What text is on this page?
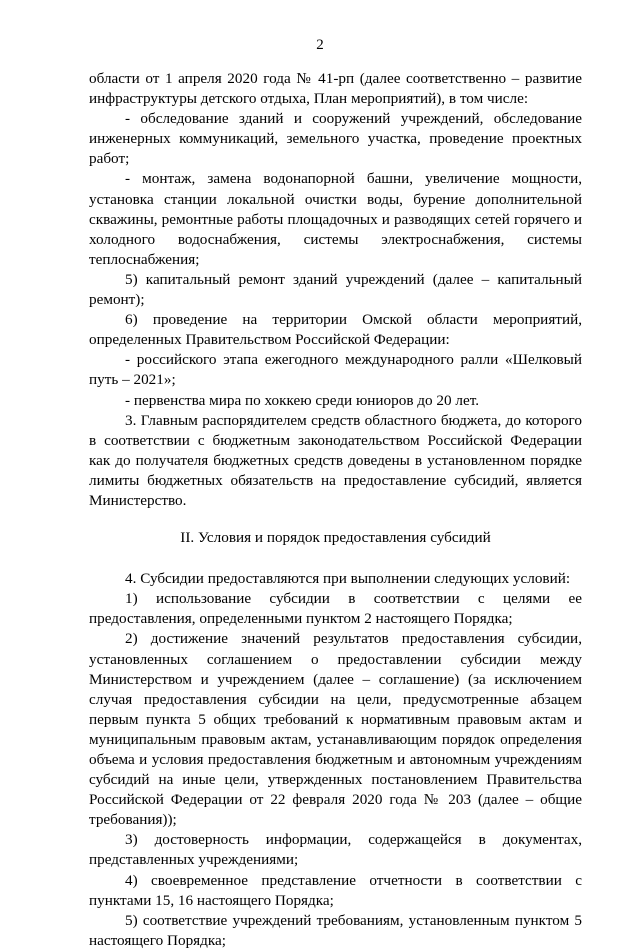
2

области от 1 апреля 2020 года № 41-рп (далее соответственно – развитие инфраструктуры детского отдыха, План мероприятий), в том числе:

- обследование зданий и сооружений учреждений, обследование инженерных коммуникаций, земельного участка, проведение проектных работ;

- монтаж, замена водонапорной башни, увеличение мощности, установка станции локальной очистки воды, бурение дополнительной скважины, ремонтные работы площадочных и разводящих сетей горячего и холодного водоснабжения, системы электроснабжения, системы теплоснабжения;

5) капитальный ремонт зданий учреждений (далее – капитальный ремонт);

6) проведение на территории Омской области мероприятий, определенных Правительством Российской Федерации:

- российского этапа ежегодного международного ралли «Шелковый путь – 2021»;

- первенства мира по хоккею среди юниоров до 20 лет.

3. Главным распорядителем средств областного бюджета, до которого в соответствии с бюджетным законодательством Российской Федерации как до получателя бюджетных средств доведены в установленном порядке лимиты бюджетных обязательств на предоставление субсидий, является Министерство.

II. Условия и порядок предоставления субсидий

4. Субсидии предоставляются при выполнении следующих условий:

1) использование субсидии в соответствии с целями ее предоставления, определенными пунктом 2 настоящего Порядка;

2) достижение значений результатов предоставления субсидии, установленных соглашением о предоставлении субсидии между Министерством и учреждением (далее – соглашение) (за исключением случая предоставления субсидии на цели, предусмотренные абзацем первым пункта 5 общих требований к нормативным правовым актам и муниципальным правовым актам, устанавливающим порядок определения объема и условия предоставления бюджетным и автономным учреждениям субсидий на иные цели, утвержденных постановлением Правительства Российской Федерации от 22 февраля 2020 года № 203 (далее – общие требования));

3) достоверность информации, содержащейся в документах, представленных учреждениями;

4) своевременное представление отчетности в соответствии с пунктами 15, 16 настоящего Порядка;

5) соответствие учреждений требованиям, установленным пунктом 5 настоящего Порядка;
